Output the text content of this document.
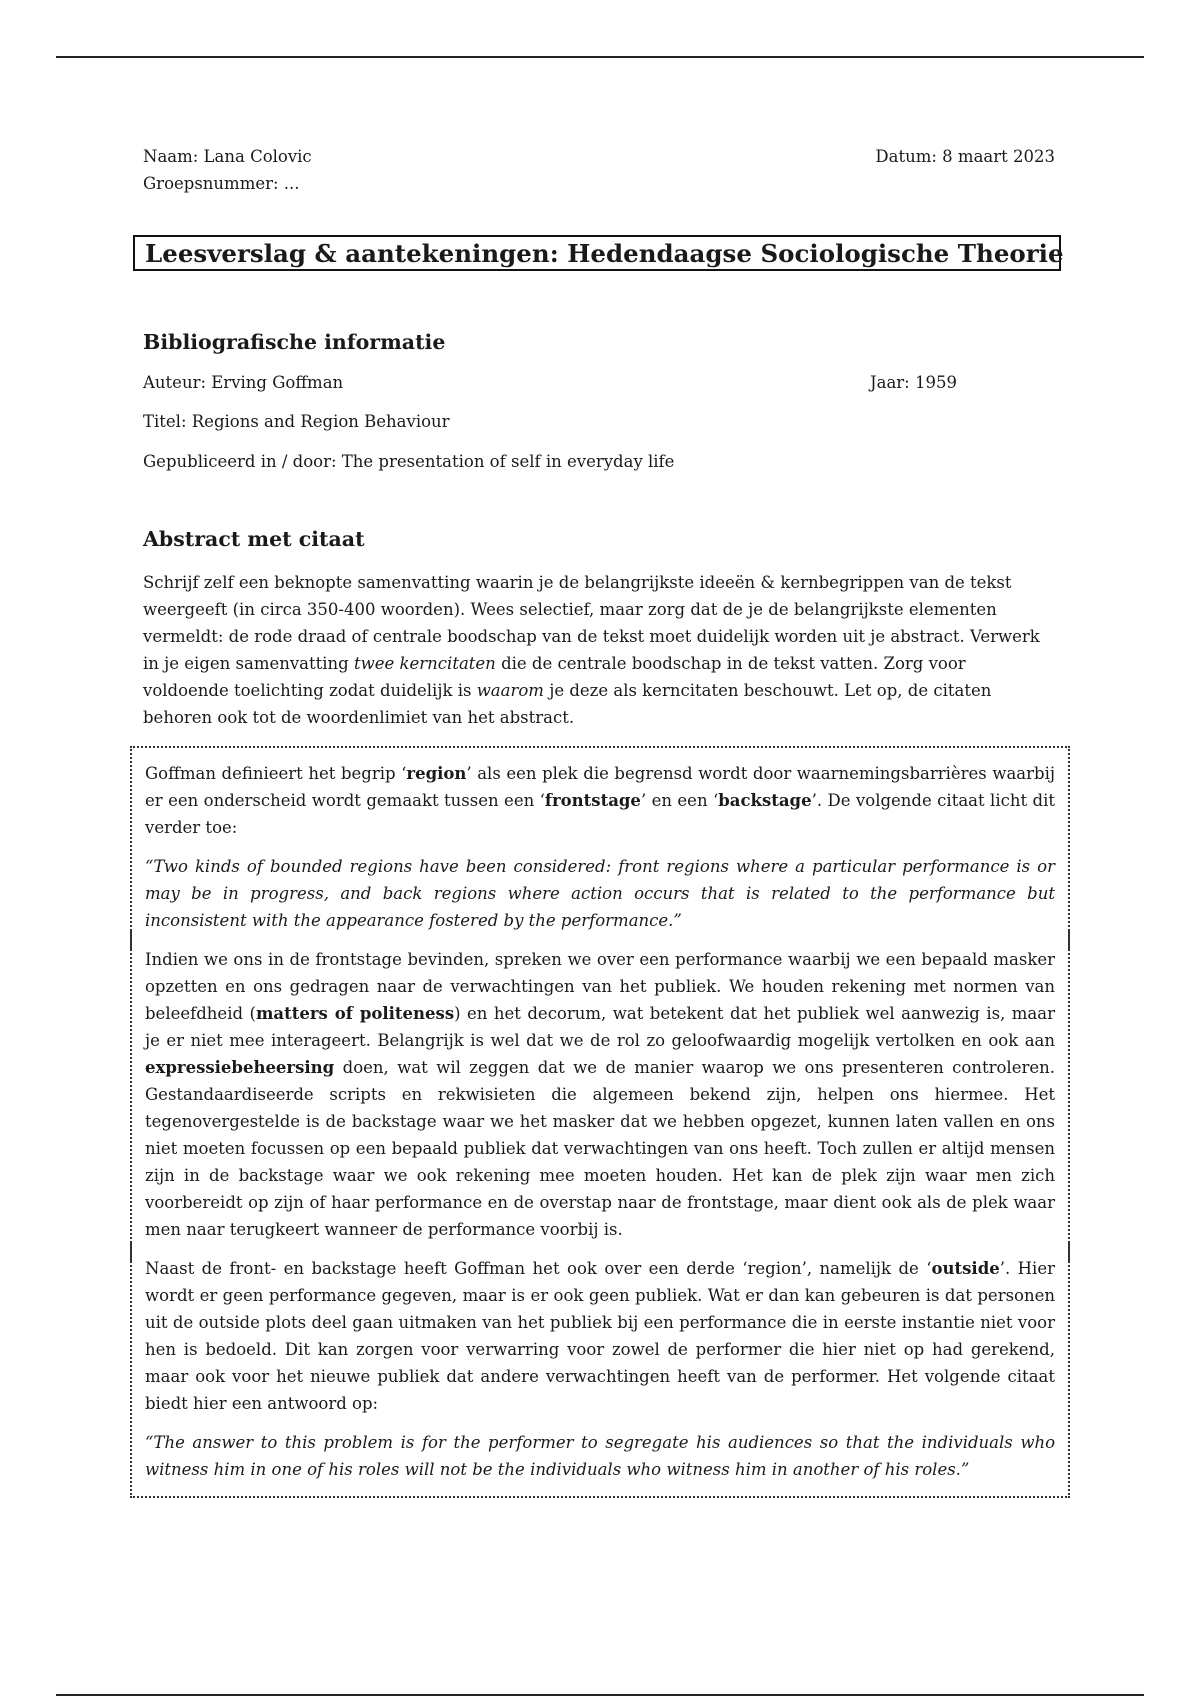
Naam: Lana Colovic
Groepsnummer: ...
Datum: 8 maart 2023
Leesverslag & aantekeningen: Hedendaagse Sociologische Theorie
Bibliografische informatie
Auteur: Erving Goffman	Jaar: 1959
Titel: Regions and Region Behaviour
Gepubliceerd in / door: The presentation of self in everyday life
Abstract met citaat

Schrijf zelf een beknopte samenvatting waarin je de belangrijkste ideeën & kernbegrippen van de tekst weergeeft (in circa 350-400 woorden). Wees selectief, maar zorg dat de je de belangrijkste elementen vermeldt: de rode draad of centrale boodschap van de tekst moet duidelijk worden uit je abstract. Verwerk in je eigen samenvatting twee kerncitaten die de centrale boodschap in de tekst vatten. Zorg voor voldoende toelichting zodat duidelijk is waarom je deze als kerncitaten beschouwt. Let op, de citaten behoren ook tot de woordenlimiet van het abstract.

Goffman definieert het begrip ‘region’ als een plek die begrensd wordt door waarnemingsbarrières waarbij er een onderscheid wordt gemaakt tussen een ‘frontstage’ en een ‘backstage’. De volgende citaat licht dit verder toe:

“Two kinds of bounded regions have been considered: front regions where a particular performance is or may be in progress, and back regions where action occurs that is related to the performance but inconsistent with the appearance fostered by the performance.”

Indien we ons in de frontstage bevinden, spreken we over een performance waarbij we een bepaald masker opzetten en ons gedragen naar de verwachtingen van het publiek. We houden rekening met normen van beleefdheid (matters of politeness) en het decorum, wat betekent dat het publiek wel aanwezig is, maar je er niet mee interageert. Belangrijk is wel dat we de rol zo geloofwaardig mogelijk vertolken en ook aan expressiebeheersing doen, wat wil zeggen dat we de manier waarop we ons presenteren controleren. Gestandaardiseerde scripts en rekwisieten die algemeen bekend zijn, helpen ons hiermee. Het tegenovergestelde is de backstage waar we het masker dat we hebben opgezet, kunnen laten vallen en ons niet moeten focussen op een bepaald publiek dat verwachtingen van ons heeft. Toch zullen er altijd mensen zijn in de backstage waar we ook rekening mee moeten houden. Het kan de plek zijn waar men zich voorbereidt op zijn of haar performance en de overstap naar de frontstage, maar dient ook als de plek waar men naar terugkeert wanneer de performance voorbij is.

Naast de front- en backstage heeft Goffman het ook over een derde ‘region’, namelijk de ‘outside’. Hier wordt er geen performance gegeven, maar is er ook geen publiek. Wat er dan kan gebeuren is dat personen uit de outside plots deel gaan uitmaken van het publiek bij een performance die in eerste instantie niet voor hen is bedoeld. Dit kan zorgen voor verwarring voor zowel de performer die hier niet op had gerekend, maar ook voor het nieuwe publiek dat andere verwachtingen heeft van de performer. Het volgende citaat biedt hier een antwoord op:

“The answer to this problem is for the performer to segregate his audiences so that the individuals who witness him in one of his roles will not be the individuals who witness him in another of his roles.”
